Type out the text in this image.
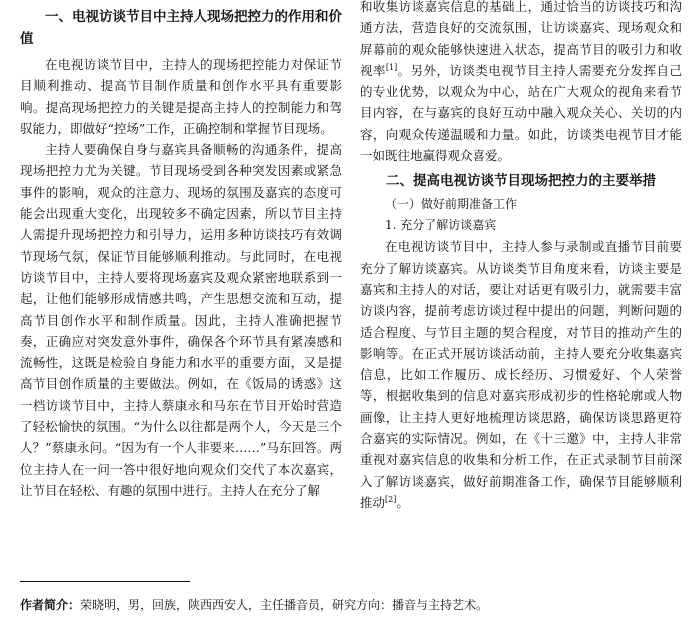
一、电视访谈节目中主持人现场把控力的作用和价值

在电视访谈节目中，主持人的现场把控能力对保证节目顺利推动、提高节目制作质量和创作水平具有重要影响。提高现场把控力的关键是提高主持人的控制能力和驾驭能力，即做好“控场”工作，正确控制和掌握节目现场。

主持人要确保自身与嘉宾具备顺畅的沟通条件，提高现场把控力尤为关键。节目现场受到各种突发因素或紧急事件的影响，观众的注意力、现场的氛围及嘉宾的态度可能会出现重大变化，出现较多不确定因素，所以节目主持人需提升现场把控力和引导力，运用多种访谈技巧有效调节现场气氛，保证节目能够顺利推动。与此同时，在电视访谈节目中，主持人要将现场嘉宾及观众紧密地联系到一起，让他们能够形成情感共鸣，产生思想交流和互动，提高节目创作水平和制作质量。因此，主持人准确把握节奏，正确应对突发意外事件，确保各个环节具有紧凑感和流畅性，这既是检验自身能力和水平的重要方面，又是提高节目创作质量的主要做法。例如，在《饭局的诱惑》这一档访谈节目中，主持人蔡康永和马东在节目开始时营造了轻松愉快的氛围。“为什么以往都是两个人，今天是三个人？”蔡康永问。“因为有一个人非要来……”马东回答。两位主持人在一问一答中很好地向观众们交代了本次嘉宾，让节目在轻松、有趣的氛围中进行。主持人在充分了解

和收集访谈嘉宾信息的基础上，通过恰当的访谈技巧和沟通方法，营造良好的交流氛围，让访谈嘉宾、现场观众和屏幕前的观众能够快速进入状态，提高节目的吸引力和收视率[1]。另外，访谈类电视节目主持人需要充分发挥自己的专业优势，以观众为中心，站在广大观众的视角来看节目内容，在与嘉宾的良好互动中融入观众关心、关切的内容，向观众传递温暖和力量。如此，访谈类电视节目才能一如既往地赢得观众喜爱。

二、提高电视访谈节目现场把控力的主要举措
（一）做好前期准备工作
1. 充分了解访谈嘉宾

在电视访谈节目中，主持人参与录制或直播节目前要充分了解访谈嘉宾。从访谈类节目角度来看，访谈主要是嘉宾和主持人的对话，要让对话更有吸引力，就需要丰富访谈内容，提前考虑访谈过程中提出的问题，判断问题的适合程度、与节目主题的契合程度，对节目的推动产生的影响等。在正式开展访谈活动前，主持人要充分收集嘉宾信息，比如工作履历、成长经历、习惯爱好、个人荣誉等，根据收集到的信息对嘉宾形成初步的性格轮廓或人物画像，让主持人更好地梳理访谈思路，确保访谈思路更符合嘉宾的实际情况。例如，在《十三邀》中，主持人非常重视对嘉宾信息的收集和分析工作，在正式录制节目前深入了解访谈嘉宾，做好前期准备工作，确保节目能够顺利推动[2]。

作者简介：荣晓明，男，回族，陕西西安人，主任播音员，研究方向：播音与主持艺术。
